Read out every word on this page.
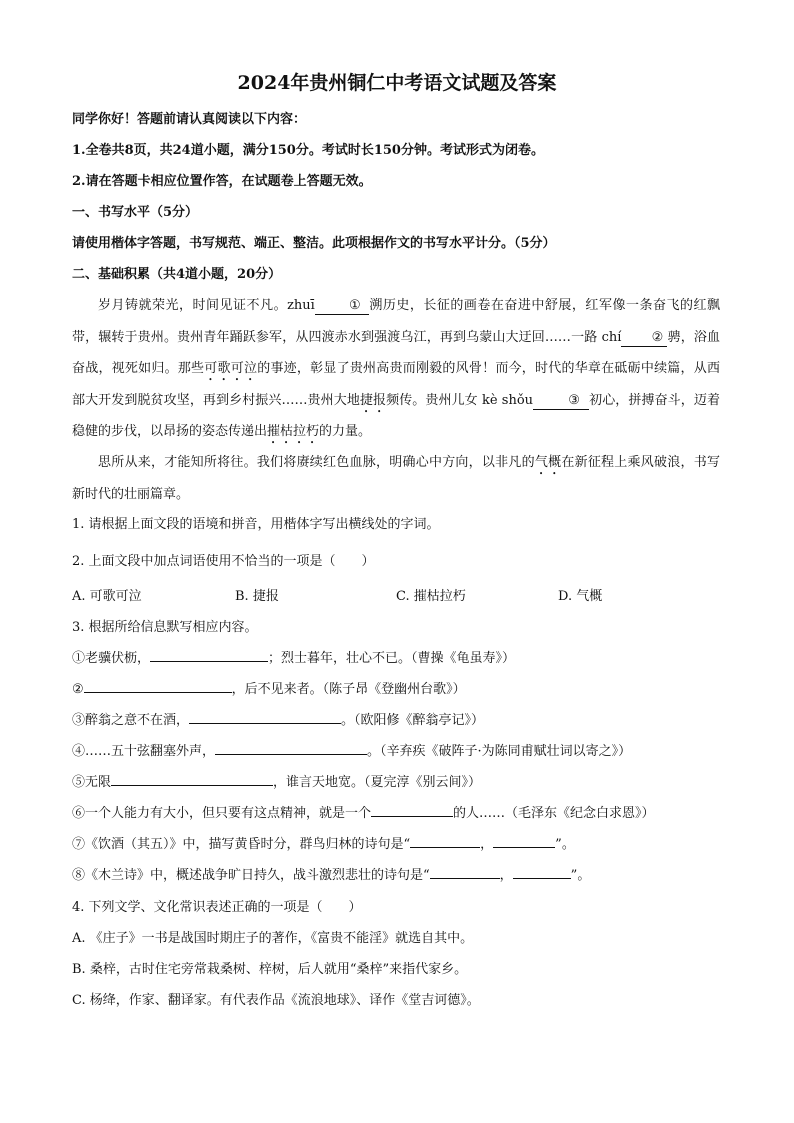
2024年贵州铜仁中考语文试题及答案
同学你好！答题前请认真阅读以下内容：
1.全卷共8页，共24道小题，满分150分。考试时长150分钟。考试形式为闭卷。
2.请在答题卡相应位置作答，在试题卷上答题无效。
一、书写水平（5分）
请使用楷体字答题，书写规范、端正、整洁。此项根据作文的书写水平计分。（5分）
二、基础积累（共4道小题，20分）
岁月铸就荣光，时间见证不凡。zhuī	① 溯历史，长征的画卷在奋进中舒展，红军像一条奋飞的红飘带，辗转于贵州。贵州青年踊跃参军，从四渡赤水到强渡乌江，再到乌蒙山大迂回……一路 chí ② 骋，浴血奋战，视死如归。那些可歌可泣的事迹，彰显了贵州高贵而刚毅的风骨！而今，时代的华章在砥砺中续篇，从西部大开发到脱贫攻坚，再到乡村振兴……贵州大地捷报频传。贵州儿女 kè shǒu	③ 初心，拼搏奋斗，迈着稳健的步伐，以昂扬的姿态传递出摧枯拉朽的力量。
思所从来，才能知所将往。我们将赓续红色血脉，明确心中方向，以非凡的气概在新征程上乘风破浪，书写新时代的壮丽篇章。
1. 请根据上面文段的语境和拼音，用楷体字写出横线处的字词。
2. 上面文段中加点词语使用不恰当的一项是（　　）
A. 可歌可泣	B. 捷报	C. 摧枯拉朽	D. 气概
3. 根据所给信息默写相应内容。
①老骥伏枥，	；烈士暮年，壮心不已。（曹操《龟虽寿》）
②	，后不见来者。（陈子昂《登幽州台歌》）
③醉翁之意不在酒，	。（欧阳修《醉翁亭记》）
④……五十弦翻塞外声，	。（辛弃疾《破阵子·为陈同甫赋壮词以寄之》）
⑤无限	，谁言天地宽。（夏完淳《别云间》）
⑥一个人能力有大小，但只要有这点精神，就是一个	的人……（毛泽东《纪念白求恩》）
⑦《饮酒（其五）》中，描写黄昏时分，群鸟归林的诗句是“	，	”。
⑧《木兰诗》中，概述战争旷日持久，战斗激烈悲壮的诗句是“	，	”。
4. 下列文学、文化常识表述正确的一项是（　　）
A. 《庄子》一书是战国时期庄子的著作，《富贵不能淫》就选自其中。
B. 桑梓，古时住宅旁常栽桑树、梓树，后人就用“桑梓”来指代家乡。
C. 杨绛，作家、翻译家。有代表作品《流浪地球》、译作《堂吉诃德》。
